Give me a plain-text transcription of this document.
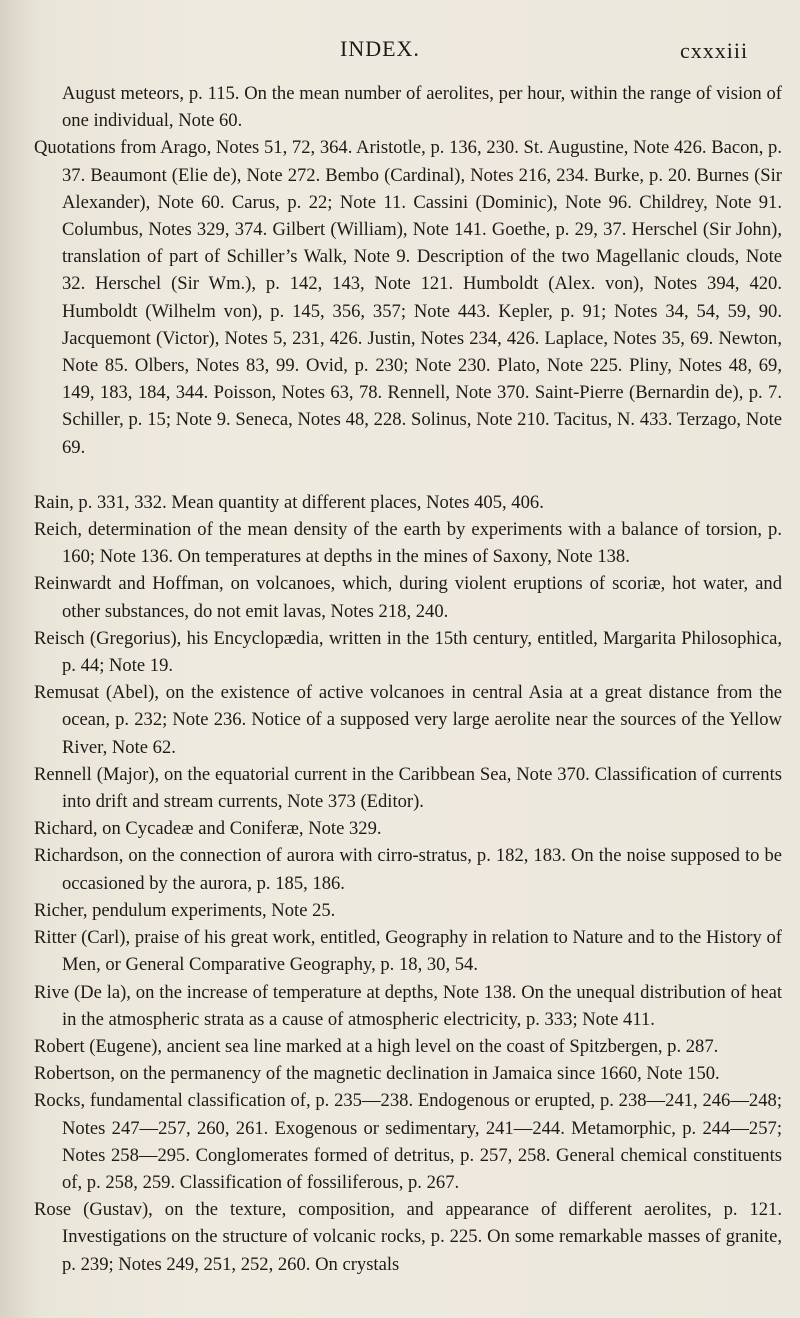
INDEX.	cxxxiii

August meteors, p. 115. On the mean number of aerolites, per hour, within the range of vision of one individual, Note 60.

Quotations from Arago, Notes 51, 72, 364. Aristotle, p. 136, 230. St. Augustine, Note 426. Bacon, p. 37. Beaumont (Elie de), Note 272. Bembo (Cardinal), Notes 216, 234. Burke, p. 20. Burnes (Sir Alexander), Note 60. Carus, p. 22; Note 11. Cassini (Dominic), Note 96. Childrey, Note 91. Columbus, Notes 329, 374. Gilbert (William), Note 141. Goethe, p. 29, 37. Herschel (Sir John), translation of part of Schiller’s Walk, Note 9. Description of the two Magellanic clouds, Note 32. Herschel (Sir Wm.), p. 142, 143, Note 121. Humboldt (Alex. von), Notes 394, 420. Humboldt (Wilhelm von), p. 145, 356, 357; Note 443. Kepler, p. 91; Notes 34, 54, 59, 90. Jacquemont (Victor), Notes 5, 231, 426. Justin, Notes 234, 426. Laplace, Notes 35, 69. Newton, Note 85. Olbers, Notes 83, 99. Ovid, p. 230; Note 230. Plato, Note 225. Pliny, Notes 48, 69, 149, 183, 184, 344. Poisson, Notes 63, 78. Rennell, Note 370. Saint-Pierre (Bernardin de), p. 7. Schiller, p. 15; Note 9. Seneca, Notes 48, 228. Solinus, Note 210. Tacitus, N. 433. Terzago, Note 69.

Rain, p. 331, 332. Mean quantity at different places, Notes 405, 406.

Reich, determination of the mean density of the earth by experiments with a balance of torsion, p. 160; Note 136. On temperatures at depths in the mines of Saxony, Note 138.

Reinwardt and Hoffman, on volcanoes, which, during violent eruptions of scoriæ, hot water, and other substances, do not emit lavas, Notes 218, 240.

Reisch (Gregorius), his Encyclopædia, written in the 15th century, entitled, Margarita Philosophica, p. 44; Note 19.

Remusat (Abel), on the existence of active volcanoes in central Asia at a great distance from the ocean, p. 232; Note 236. Notice of a supposed very large aerolite near the sources of the Yellow River, Note 62.

Rennell (Major), on the equatorial current in the Caribbean Sea, Note 370. Classification of currents into drift and stream currents, Note 373 (Editor).

Richard, on Cycadeæ and Coniferæ, Note 329.

Richardson, on the connection of aurora with cirro-stratus, p. 182, 183. On the noise supposed to be occasioned by the aurora, p. 185, 186.

Richer, pendulum experiments, Note 25.

Ritter (Carl), praise of his great work, entitled, Geography in relation to Nature and to the History of Men, or General Comparative Geography, p. 18, 30, 54.

Rive (De la), on the increase of temperature at depths, Note 138. On the unequal distribution of heat in the atmospheric strata as a cause of atmospheric electricity, p. 333; Note 411.

Robert (Eugene), ancient sea line marked at a high level on the coast of Spitzbergen, p. 287.

Robertson, on the permanency of the magnetic declination in Jamaica since 1660, Note 150.

Rocks, fundamental classification of, p. 235—238. Endogenous or erupted, p. 238—241, 246—248; Notes 247—257, 260, 261. Exogenous or sedimentary, 241—244. Metamorphic, p. 244—257; Notes 258—295. Conglomerates formed of detritus, p. 257, 258. General chemical constituents of, p. 258, 259. Classification of fossiliferous, p. 267.

Rose (Gustav), on the texture, composition, and appearance of different aerolites, p. 121. Investigations on the structure of volcanic rocks, p. 225. On some remarkable masses of granite, p. 239; Notes 249, 251, 252, 260. On crystals
